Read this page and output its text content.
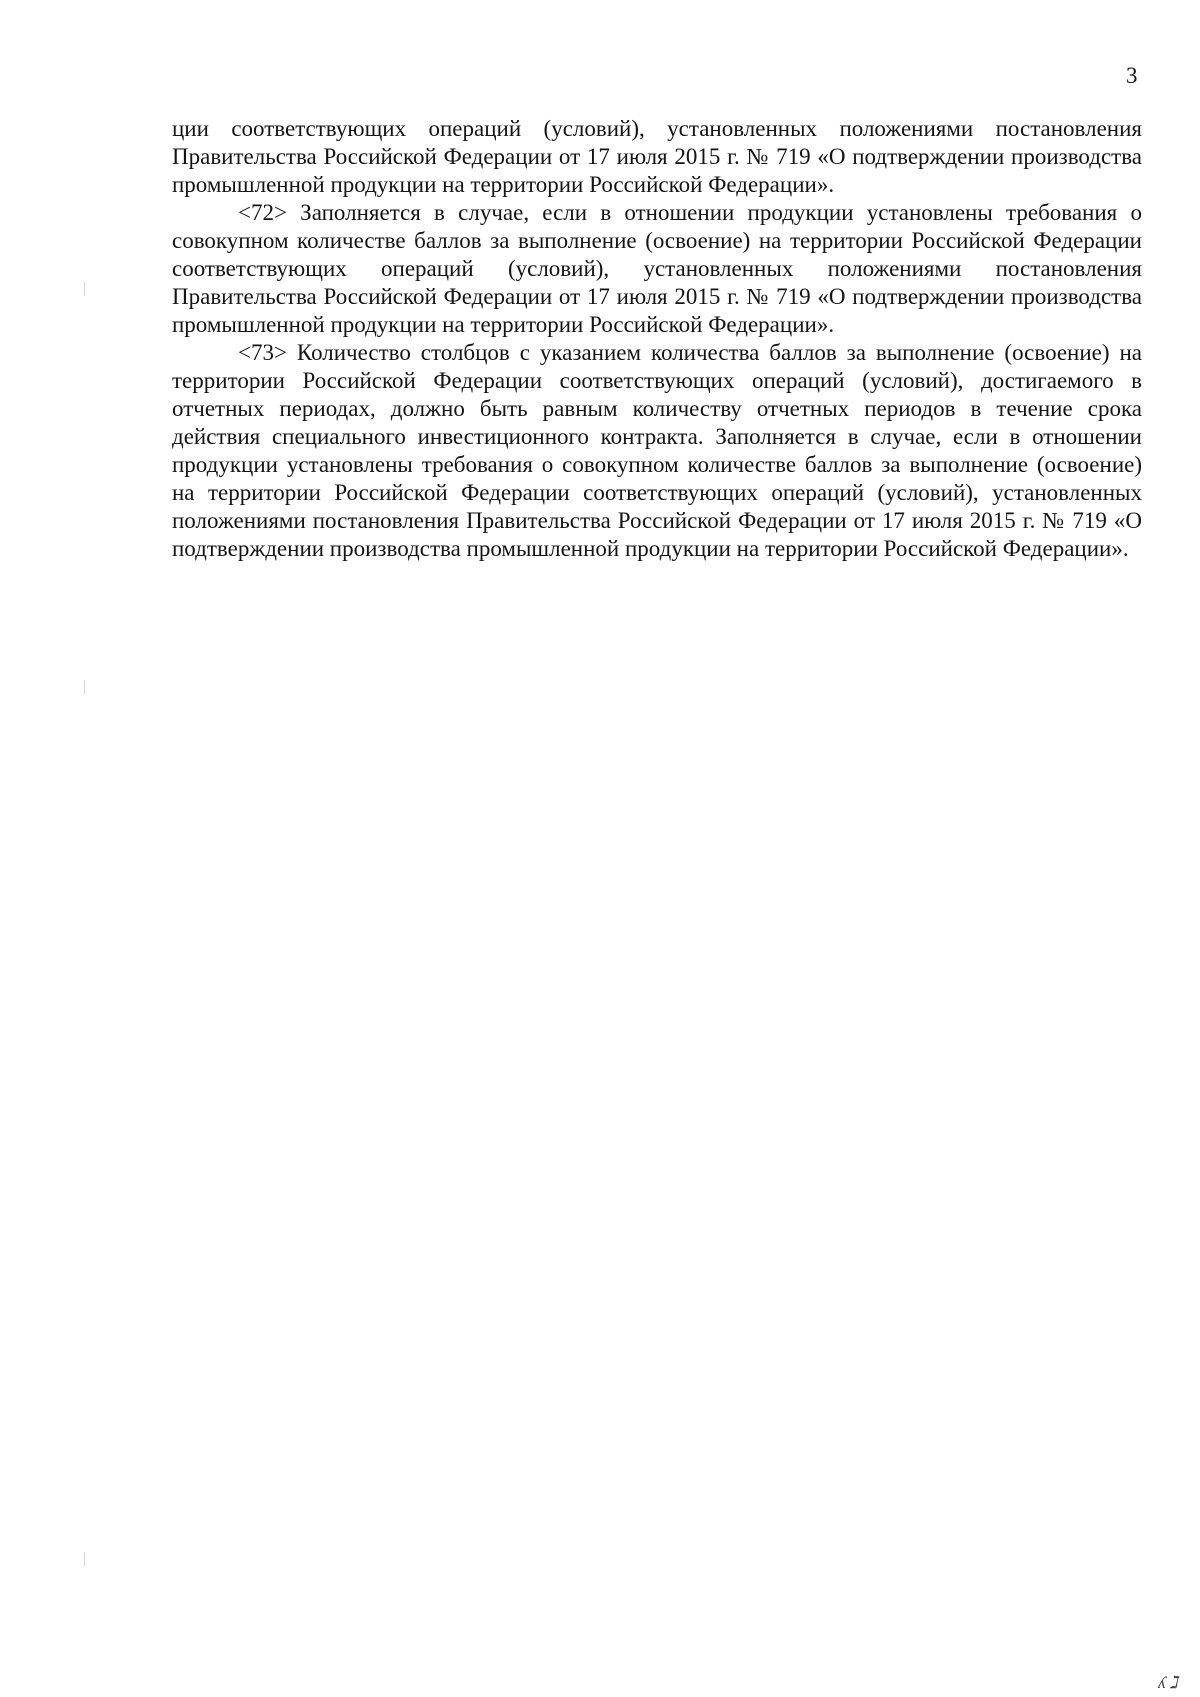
3

ции соответствующих операций (условий), установленных положениями постановления Правительства Российской Федерации от 17 июля 2015 г. № 719 «О подтверждении производства промышленной продукции на территории Российской Федерации».

<72> Заполняется в случае, если в отношении продукции установлены требования о совокупном количестве баллов за выполнение (освоение) на территории Российской Федерации соответствующих операций (условий), установленных положениями постановления Правительства Российской Федерации от 17 июля 2015 г. № 719 «О подтверждении производства промышленной продукции на территории Российской Федерации».

<73> Количество столбцов с указанием количества баллов за выполнение (освоение) на территории Российской Федерации соответствующих операций (условий), достигаемого в отчетных периодах, должно быть равным количеству отчетных периодов в течение срока действия специального инвестиционного контракта. Заполняется в случае, если в отношении продукции установлены требования о совокупном количестве баллов за выполнение (освоение) на территории Российской Федерации соответствующих операций (условий), установленных положениями постановления Правительства Российской Федерации от 17 июля 2015 г. № 719 «О подтверждении производства промышленной продукции на территории Российской Федерации».

ʎ ℷ
